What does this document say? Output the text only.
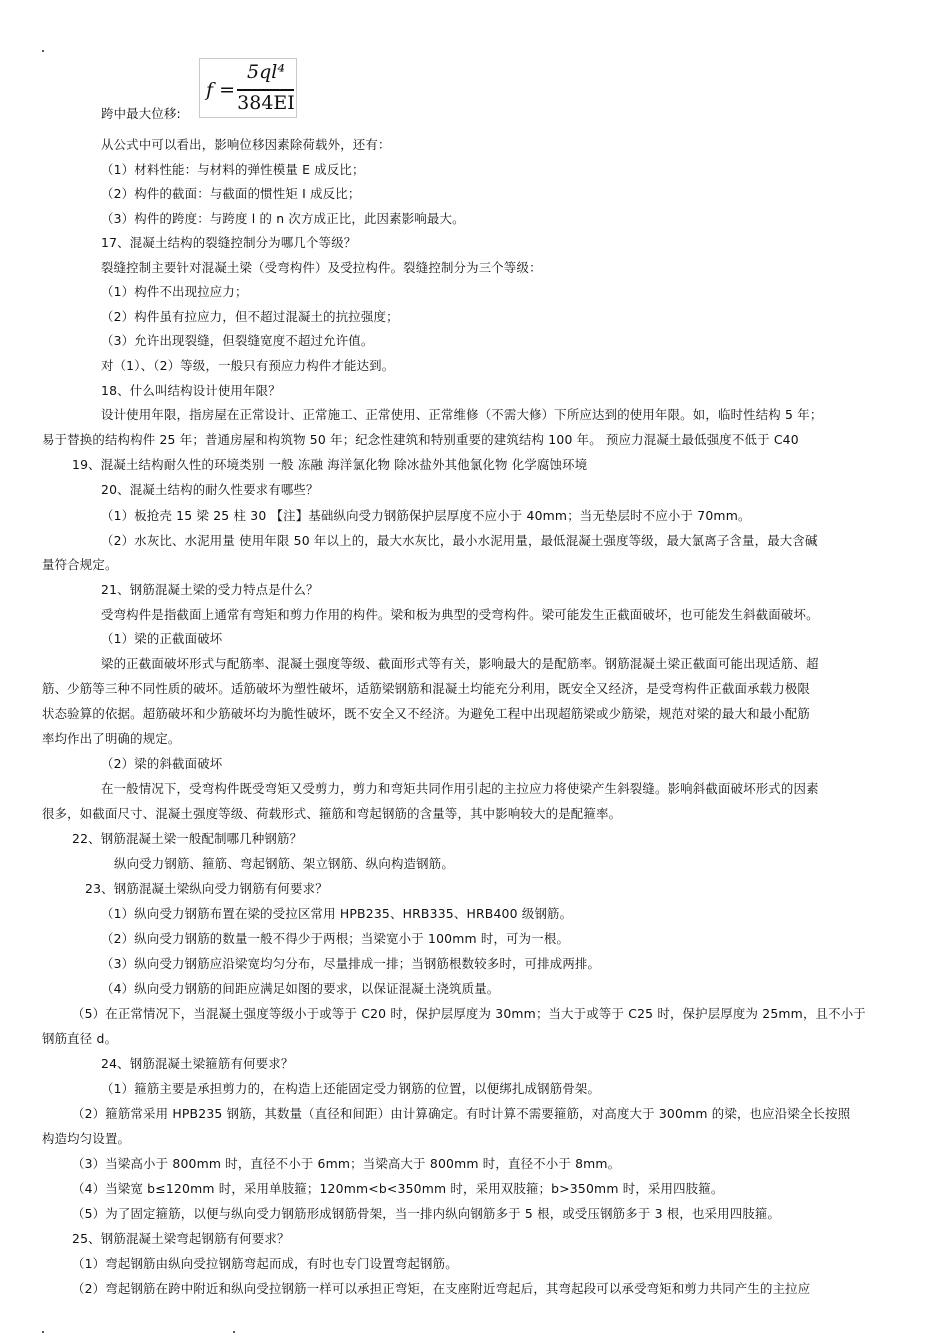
跨中最大位移:
f =
5ql⁴
384EI
从公式中可以看出，影响位移因素除荷载外，还有：
（1）材料性能：与材料的弹性模量 E 成反比；
（2）构件的截面：与截面的惯性矩 I 成反比；
（3）构件的跨度：与跨度 l 的 n 次方成正比，此因素影响最大。
17、混凝土结构的裂缝控制分为哪几个等级？
裂缝控制主要针对混凝土梁（受弯构件）及受拉构件。裂缝控制分为三个等级：
（1）构件不出现拉应力；
（2）构件虽有拉应力，但不超过混凝土的抗拉强度；
（3）允许出现裂缝，但裂缝宽度不超过允许值。
对（1）、（2）等级，一般只有预应力构件才能达到。
18、什么叫结构设计使用年限？
设计使用年限，指房屋在正常设计、正常施工、正常使用、正常维修（不需大修）下所应达到的使用年限。如，临时性结构 5 年；
易于替换的结构构件 25 年；普通房屋和构筑物 50 年；纪念性建筑和特别重要的建筑结构 100 年。 预应力混凝土最低强度不低于 C40
19、混凝土结构耐久性的环境类别 一般 冻融 海洋氯化物 除冰盐外其他氯化物 化学腐蚀环境
20、混凝土结构的耐久性要求有哪些？
（1）板抢壳 15 梁 25 柱 30 【注】基础纵向受力钢筋保护层厚度不应小于 40mm；当无垫层时不应小于 70mm。
（2）水灰比、水泥用量 使用年限 50 年以上的，最大水灰比，最小水泥用量，最低混凝土强度等级，最大氯离子含量，最大含碱
量符合规定。
21、钢筋混凝土梁的受力特点是什么？
受弯构件是指截面上通常有弯矩和剪力作用的构件。梁和板为典型的受弯构件。梁可能发生正截面破坏，也可能发生斜截面破坏。
（1）梁的正截面破坏
梁的正截面破坏形式与配筋率、混凝土强度等级、截面形式等有关，影响最大的是配筋率。钢筋混凝土梁正截面可能出现适筋、超
筋、少筋等三种不同性质的破坏。适筋破坏为塑性破坏，适筋梁钢筋和混凝土均能充分利用，既安全又经济，是受弯构件正截面承载力极限
状态验算的依据。超筋破坏和少筋破坏均为脆性破坏，既不安全又不经济。为避免工程中出现超筋梁或少筋梁，规范对梁的最大和最小配筋
率均作出了明确的规定。
（2）梁的斜截面破坏
在一般情况下，受弯构件既受弯矩又受剪力，剪力和弯矩共同作用引起的主拉应力将使梁产生斜裂缝。影响斜截面破坏形式的因素
很多，如截面尺寸、混凝土强度等级、荷载形式、箍筋和弯起钢筋的含量等，其中影响较大的是配箍率。
22、钢筋混凝土梁一般配制哪几种钢筋？
纵向受力钢筋、箍筋、弯起钢筋、架立钢筋、纵向构造钢筋。
23、钢筋混凝土梁纵向受力钢筋有何要求？
（1）纵向受力钢筋布置在梁的受拉区常用 HPB235、HRB335、HRB400 级钢筋。
（2）纵向受力钢筋的数量一般不得少于两根；当梁宽小于 100mm 时，可为一根。
（3）纵向受力钢筋应沿梁宽均匀分布，尽量排成一排；当钢筋根数较多时，可排成两排。
（4）纵向受力钢筋的间距应满足如图的要求，以保证混凝土浇筑质量。
（5）在正常情况下，当混凝土强度等级小于或等于 C20 时，保护层厚度为 30mm；当大于或等于 C25 时，保护层厚度为 25mm，且不小于
钢筋直径 d。
24、钢筋混凝土梁箍筋有何要求？
（1）箍筋主要是承担剪力的，在构造上还能固定受力钢筋的位置，以便绑扎成钢筋骨架。
（2）箍筋常采用 HPB235 钢筋，其数量（直径和间距）由计算确定。有时计算不需要箍筋，对高度大于 300mm 的梁，也应沿梁全长按照
构造均匀设置。
（3）当梁高小于 800mm 时，直径不小于 6mm；当梁高大于 800mm 时，直径不小于 8mm。
（4）当梁宽 b≤120mm 时，采用单肢箍；120mm<b<350mm 时，采用双肢箍；b>350mm 时，采用四肢箍。
（5）为了固定箍筋，以便与纵向受力钢筋形成钢筋骨架，当一排内纵向钢筋多于 5 根，或受压钢筋多于 3 根，也采用四肢箍。
25、钢筋混凝土梁弯起钢筋有何要求？
（1）弯起钢筋由纵向受拉钢筋弯起而成，有时也专门设置弯起钢筋。
（2）弯起钢筋在跨中附近和纵向受拉钢筋一样可以承担正弯矩，在支座附近弯起后，其弯起段可以承受弯矩和剪力共同产生的主拉应
